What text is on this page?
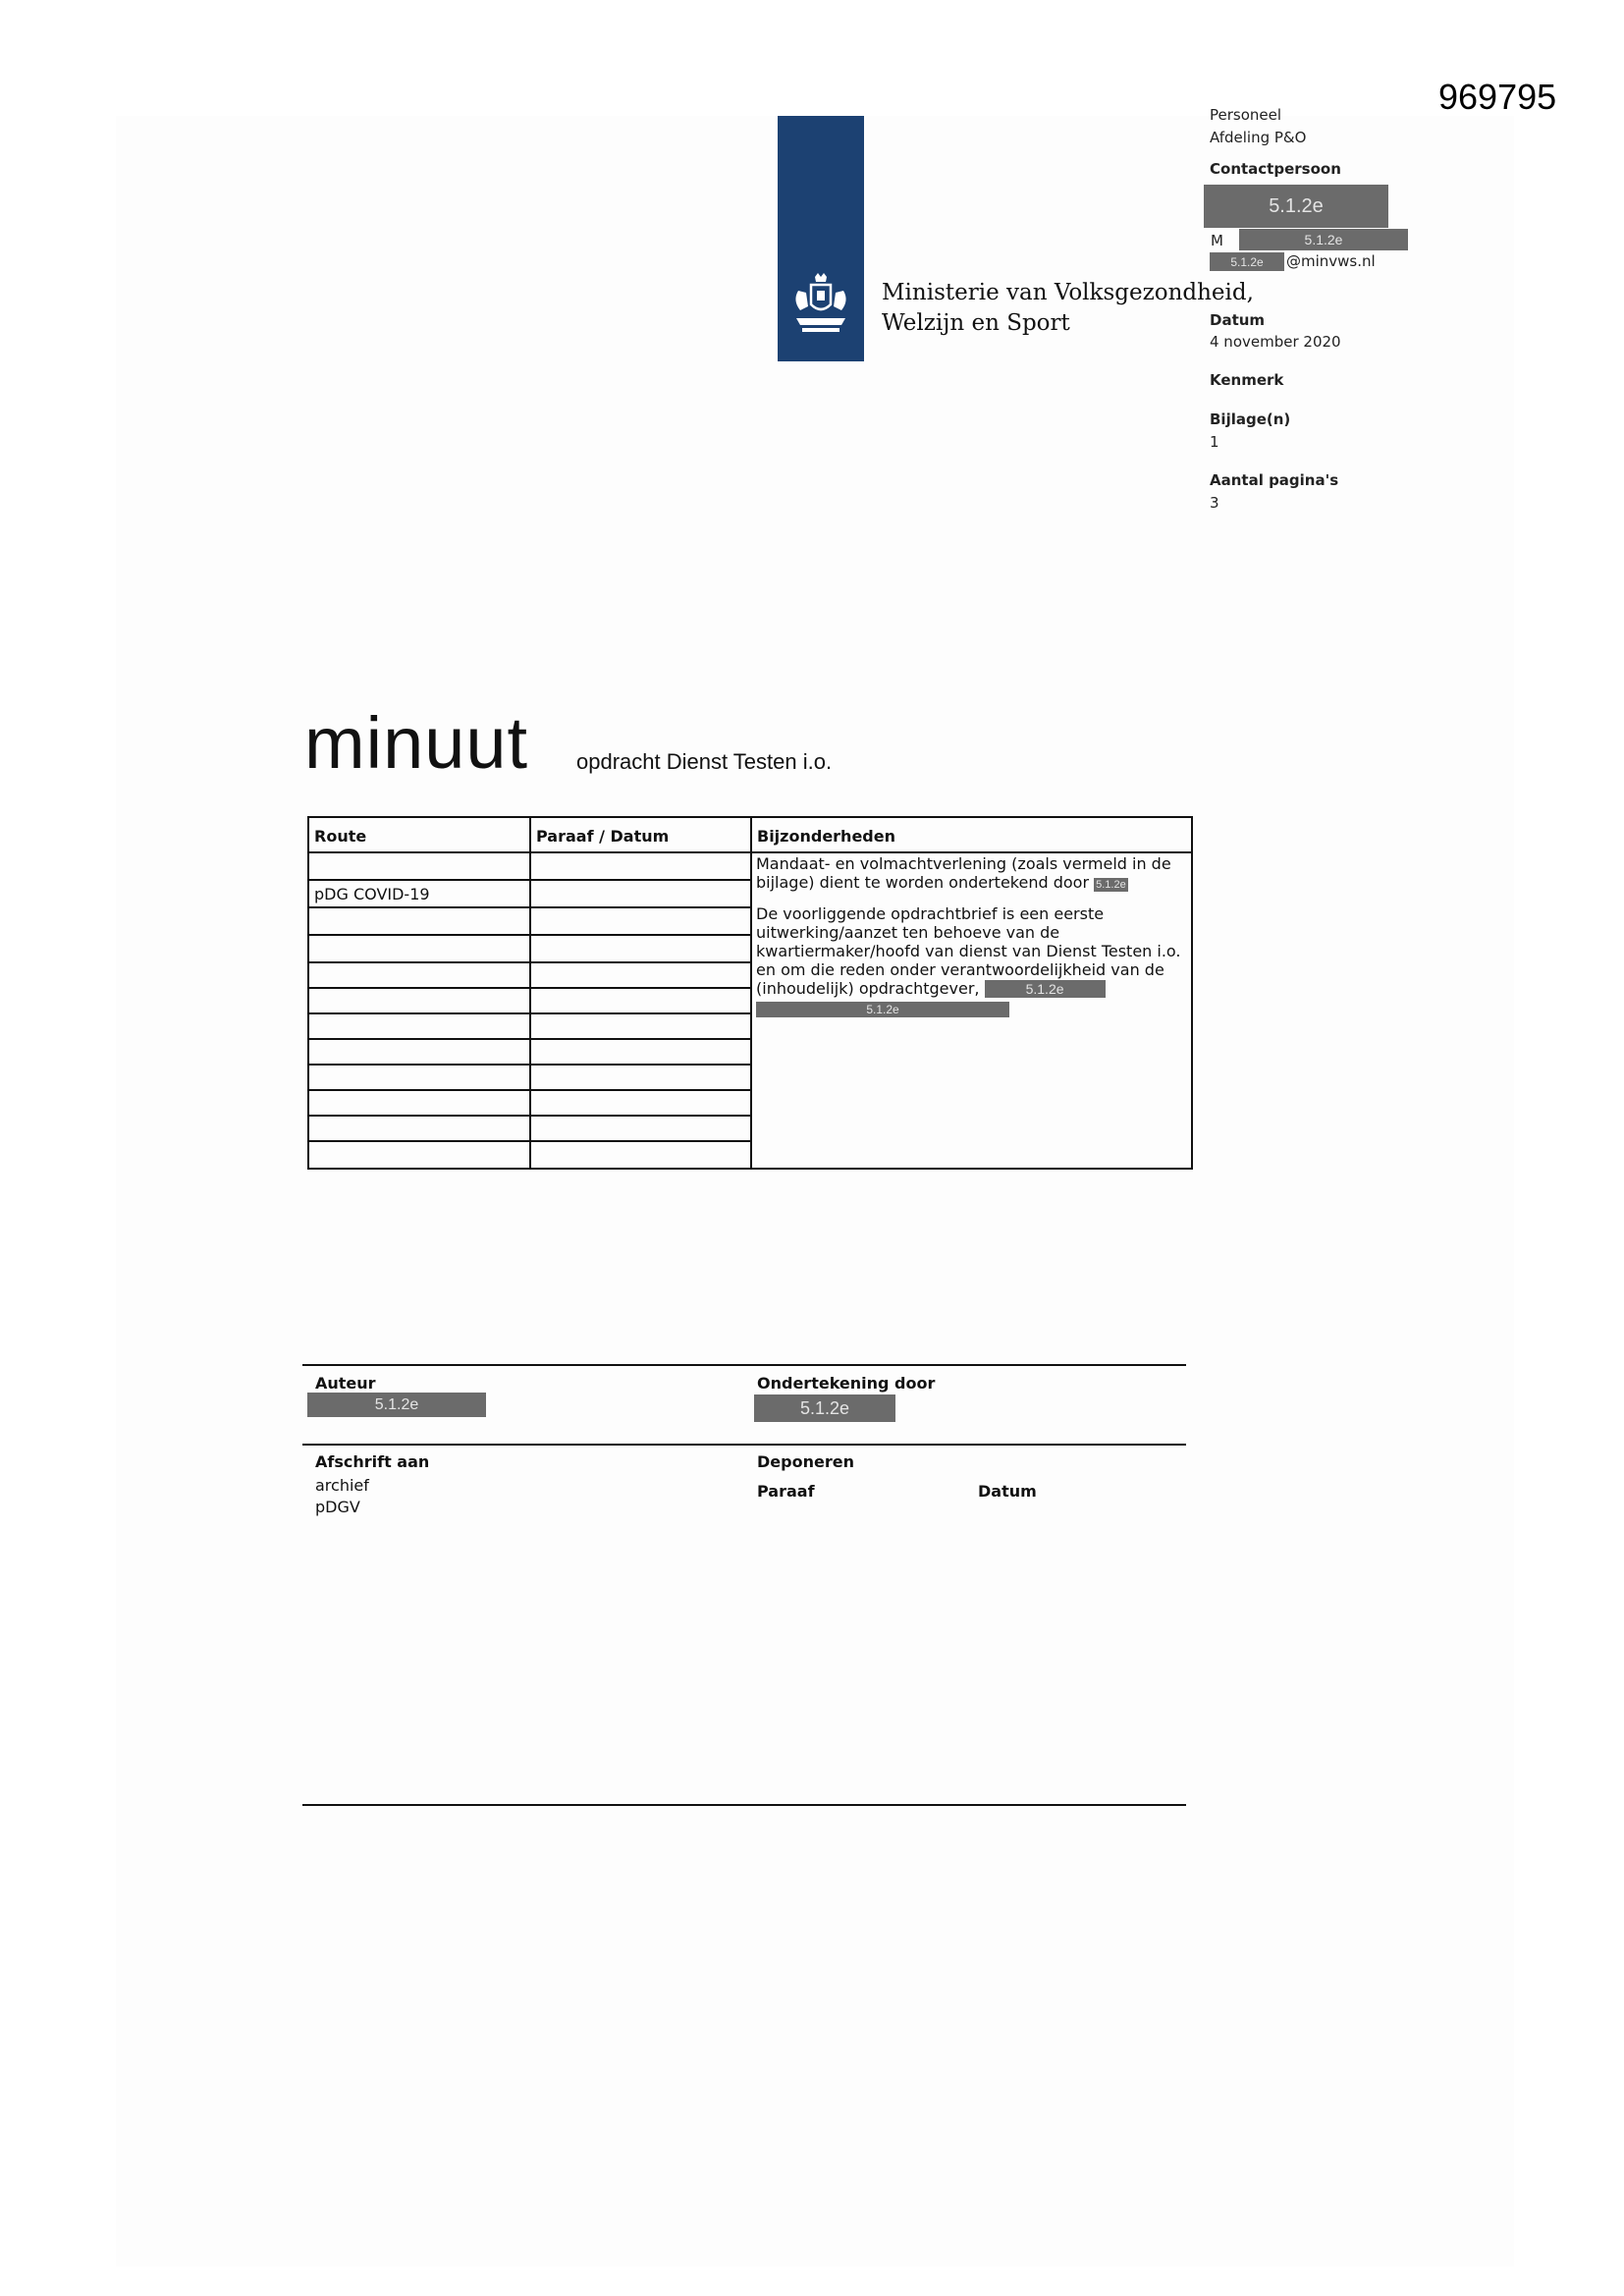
969795
Ministerie van Volksgezondheid,
Welzijn en Sport
Personeel
Afdeling P&O
Contactpersoon
5.1.2e
M	5.1.2e
5.1.2e	@minvws.nl
Datum
4 november 2020
Kenmerk
Bijlage(n)
1
Aantal pagina's
3
minuut opdracht Dienst Testen i.o.
Route	Paraaf / Datum	Bijzonderheden
pDG COVID-19

Mandaat- en volmachtverlening (zoals vermeld in de bijlage) dient te worden ondertekend door 5.1.2e

De voorliggende opdrachtbrief is een eerste uitwerking/aanzet ten behoeve van de kwartiermaker/hoofd van dienst van Dienst Testen i.o. en om die reden onder verantwoordelijkheid van de (inhoudelijk) opdrachtgever,	5.1.2e 5.1.2e

Auteur
5.1.2e
Ondertekening door
5.1.2e
Afschrift aan
archief
pDGV
Deponeren
Paraaf	Datum
